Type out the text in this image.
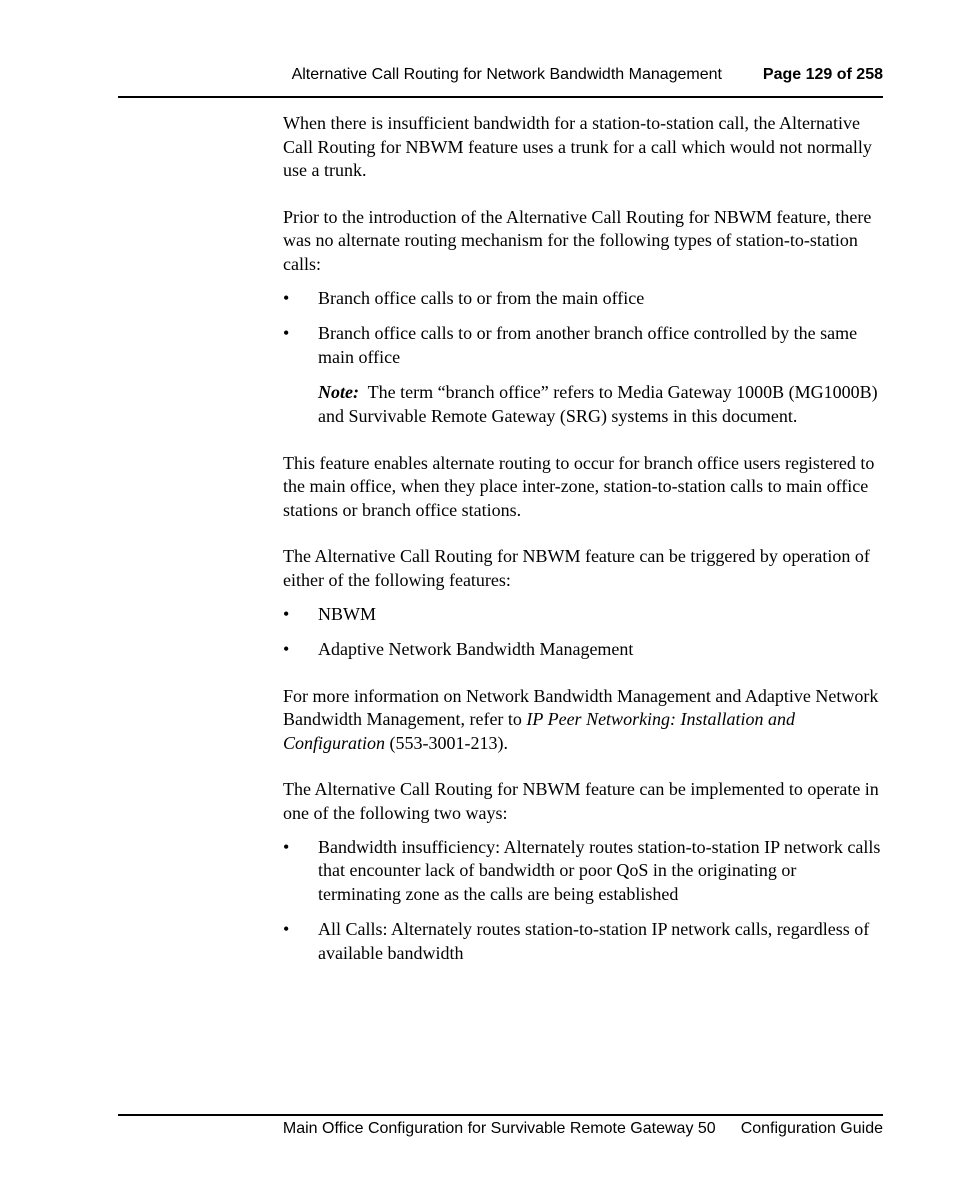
Alternative Call Routing for Network Bandwidth Management	Page 129 of 258

When there is insufficient bandwidth for a station-to-station call, the Alternative Call Routing for NBWM feature uses a trunk for a call which would not normally use a trunk.

Prior to the introduction of the Alternative Call Routing for NBWM feature, there was no alternate routing mechanism for the following types of station-to-station calls:

• Branch office calls to or from the main office
• Branch office calls to or from another branch office controlled by the same main office
Note: The term “branch office” refers to Media Gateway 1000B (MG1000B) and Survivable Remote Gateway (SRG) systems in this document.

This feature enables alternate routing to occur for branch office users registered to the main office, when they place inter-zone, station-to-station calls to main office stations or branch office stations.

The Alternative Call Routing for NBWM feature can be triggered by operation of either of the following features:

• NBWM
• Adaptive Network Bandwidth Management

For more information on Network Bandwidth Management and Adaptive Network Bandwidth Management, refer to IP Peer Networking: Installation and Configuration (553-3001-213).

The Alternative Call Routing for NBWM feature can be implemented to operate in one of the following two ways:

• Bandwidth insufficiency: Alternately routes station-to-station IP network calls that encounter lack of bandwidth or poor QoS in the originating or terminating zone as the calls are being established
• All Calls: Alternately routes station-to-station IP network calls, regardless of available bandwidth
Main Office Configuration for Survivable Remote Gateway 50 Configuration Guide
